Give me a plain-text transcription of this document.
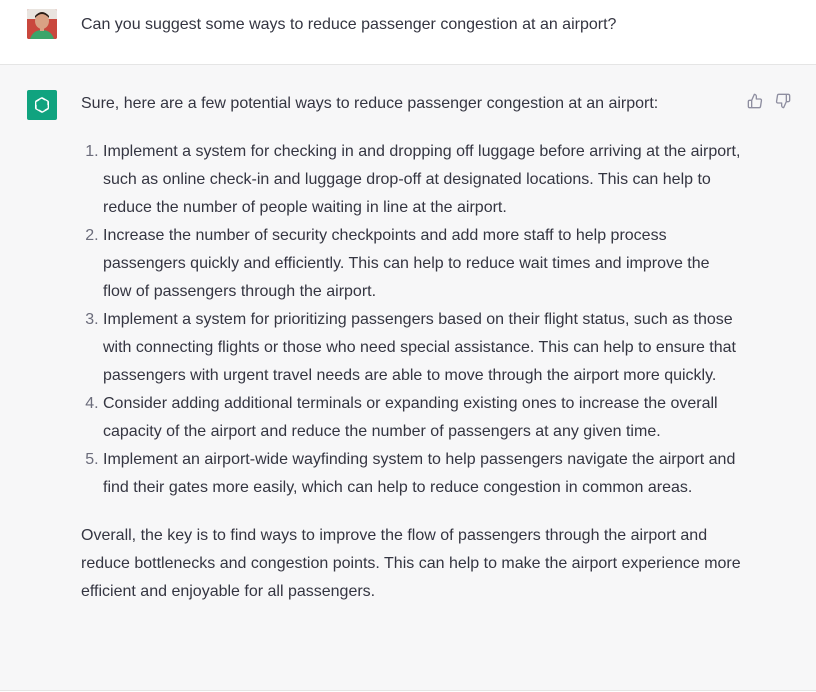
Can you suggest some ways to reduce passenger congestion at an airport?

Sure, here are a few potential ways to reduce passenger congestion at an airport:

1. Implement a system for checking in and dropping off luggage before arriving at the airport, such as online check-in and luggage drop-off at designated locations. This can help to reduce the number of people waiting in line at the airport.
2. Increase the number of security checkpoints and add more staff to help process passengers quickly and efficiently. This can help to reduce wait times and improve the flow of passengers through the airport.
3. Implement a system for prioritizing passengers based on their flight status, such as those with connecting flights or those who need special assistance. This can help to ensure that passengers with urgent travel needs are able to move through the airport more quickly.
4. Consider adding additional terminals or expanding existing ones to increase the overall capacity of the airport and reduce the number of passengers at any given time.
5. Implement an airport-wide wayfinding system to help passengers navigate the airport and find their gates more easily, which can help to reduce congestion in common areas.

Overall, the key is to find ways to improve the flow of passengers through the airport and reduce bottlenecks and congestion points. This can help to make the airport experience more efficient and enjoyable for all passengers.
